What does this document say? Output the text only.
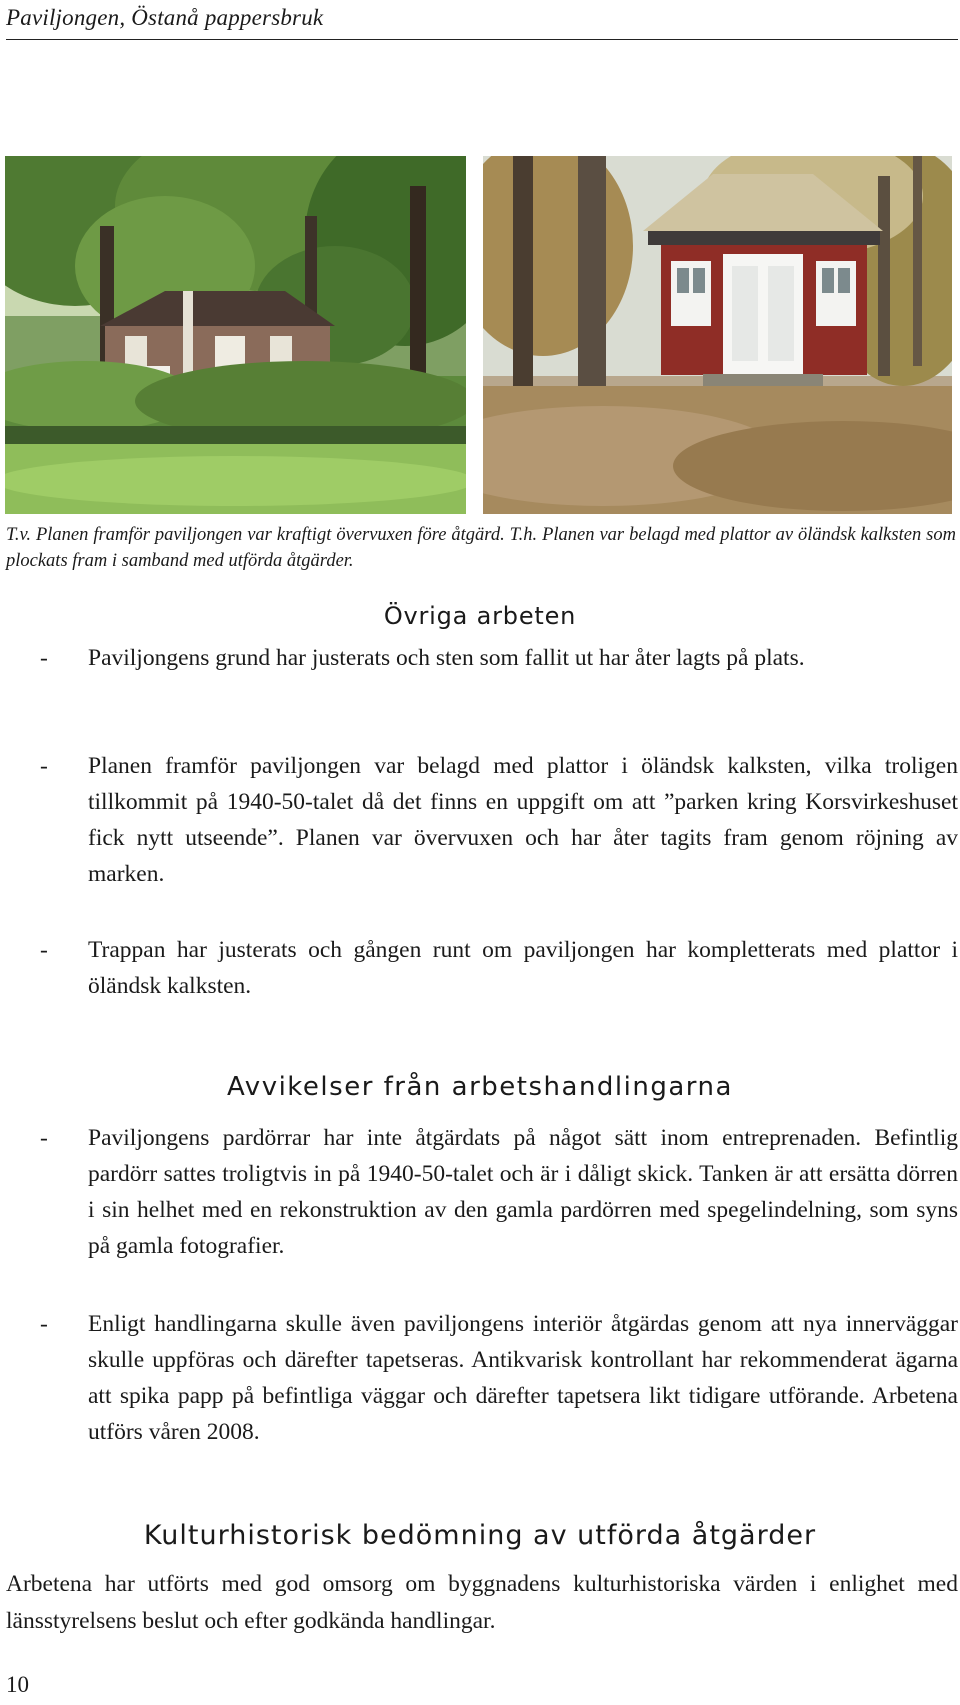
Paviljongen, Östanå pappersbruk
T.v. Planen framför paviljongen var kraftigt övervuxen före åtgärd. T.h. Planen var belagd med plattor av öländsk kalksten som plockats fram i samband med utförda åtgärder.
Övriga arbeten
-	Paviljongens grund har justerats och sten som fallit ut har åter lagts på plats.
-	Planen framför paviljongen var belagd med plattor i öländsk kalksten, vilka troligen tillkommit på 1940-50-talet då det finns en uppgift om att ”parken kring Korsvirkeshuset fick nytt utseende”. Planen var övervuxen och har åter tagits fram genom röjning av marken.
-	Trappan har justerats och gången runt om paviljongen har kompletterats med plattor i öländsk kalksten.
Avvikelser från arbetshandlingarna
-	Paviljongens pardörrar har inte åtgärdats på något sätt inom entreprenaden. Befintlig pardörr sattes troligtvis in på 1940-50-talet och är i dåligt skick. Tanken är att ersätta dörren i sin helhet med en rekonstruktion av den gamla pardörren med spegelindelning, som syns på gamla fotografier.
-	Enligt handlingarna skulle även paviljongens interiör åtgärdas genom att nya innerväggar skulle uppföras och därefter tapetseras. Antikvarisk kontrollant har rekommenderat ägarna att spika papp på befintliga väggar och därefter tapetsera likt tidigare utförande. Arbetena utförs våren 2008.
Kulturhistorisk bedömning av utförda åtgärder
Arbetena har utförts med god omsorg om byggnadens kulturhistoriska värden i enlighet med länsstyrelsens beslut och efter godkända handlingar.
10
